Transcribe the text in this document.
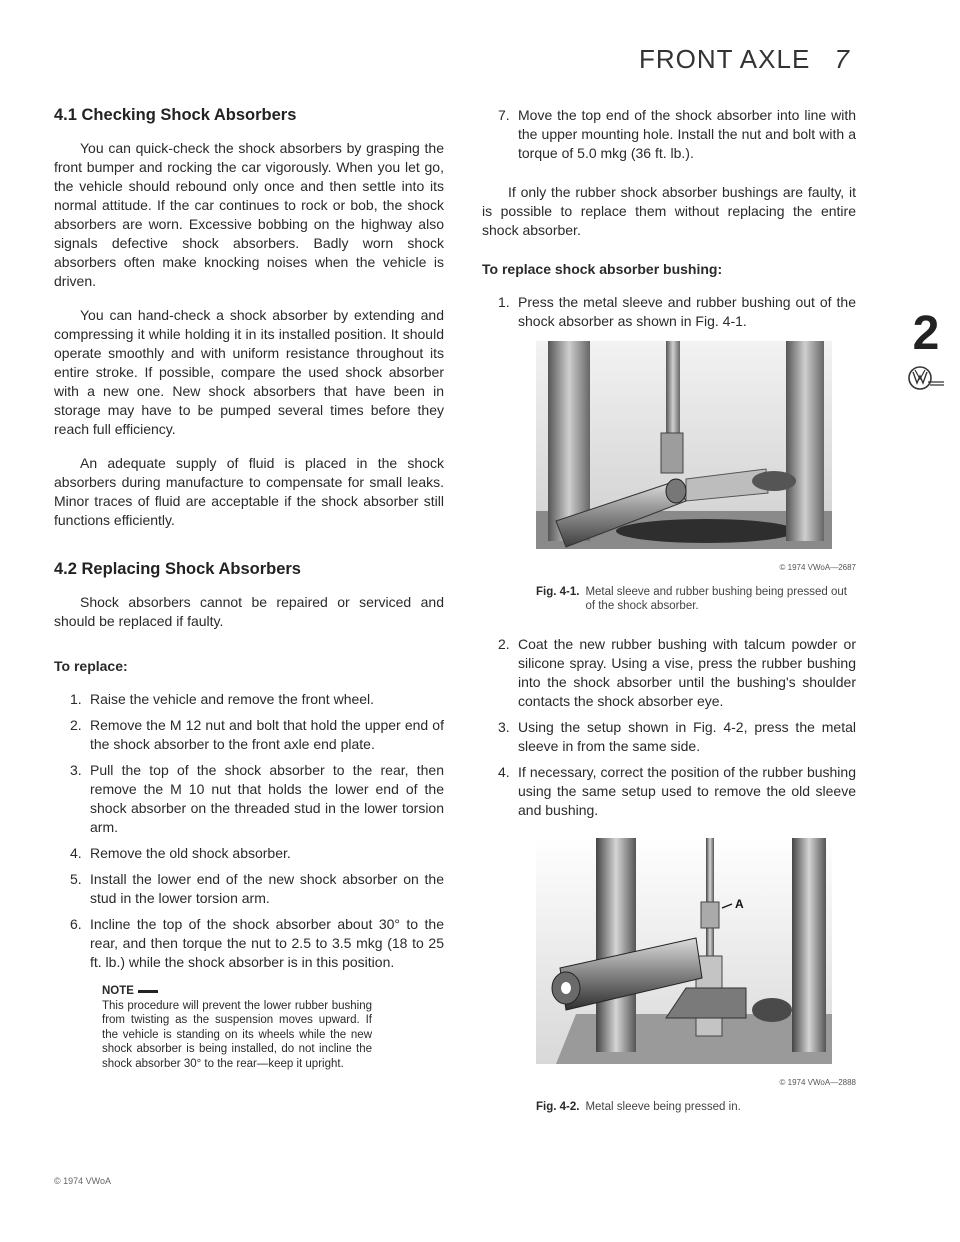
FRONT AXLE 7
2
4.1 Checking Shock Absorbers

You can quick-check the shock absorbers by grasping the front bumper and rocking the car vigorously. When you let go, the vehicle should rebound only once and then settle into its normal attitude. If the car continues to rock or bob, the shock absorbers are worn. Excessive bobbing on the highway also signals defective shock absorbers. Badly worn shock absorbers often make knocking noises when the vehicle is driven.

You can hand-check a shock absorber by extending and compressing it while holding it in its installed position. It should operate smoothly and with uniform resistance throughout its entire stroke. If possible, compare the used shock absorber with a new one. New shock absorbers that have been in storage may have to be pumped several times before they reach full efficiency.

An adequate supply of fluid is placed in the shock absorbers during manufacture to compensate for small leaks. Minor traces of fluid are acceptable if the shock absorber still functions efficiently.

4.2 Replacing Shock Absorbers

Shock absorbers cannot be repaired or serviced and should be replaced if faulty.

To replace:

1. Raise the vehicle and remove the front wheel.
2. Remove the M 12 nut and bolt that hold the upper end of the shock absorber to the front axle end plate.
3. Pull the top of the shock absorber to the rear, then remove the M 10 nut that holds the lower end of the shock absorber on the threaded stud in the lower torsion arm.
4. Remove the old shock absorber.
5. Install the lower end of the new shock absorber on the stud in the lower torsion arm.
6. Incline the top of the shock absorber about 30° to the rear, and then torque the nut to 2.5 to 3.5 mkg (18 to 25 ft. lb.) while the shock absorber is in this position.
NOTE
This procedure will prevent the lower rubber bushing from twisting as the suspension moves upward. If the vehicle is standing on its wheels while the new shock absorber is being installed, do not incline the shock absorber 30° to the rear—keep it upright.
© 1974 VWoA
7. Move the top end of the shock absorber into line with the upper mounting hole. Install the nut and bolt with a torque of 5.0 mkg (36 ft. lb.).

If only the rubber shock absorber bushings are faulty, it is possible to replace them without replacing the entire shock absorber.

To replace shock absorber bushing:

1. Press the metal sleeve and rubber bushing out of the shock absorber as shown in Fig. 4-1.
© 1974 VWoA—2687
Fig. 4-1. Metal sleeve and rubber bushing being pressed out of the shock absorber.
2. Coat the new rubber bushing with talcum powder or silicone spray. Using a vise, press the rubber bushing into the shock absorber until the bushing's shoulder contacts the shock absorber eye.
3. Using the setup shown in Fig. 4-2, press the metal sleeve in from the same side.
4. If necessary, correct the position of the rubber bushing using the same setup used to remove the old sleeve and bushing.
A
© 1974 VWoA—2888
Fig. 4-2. Metal sleeve being pressed in.
